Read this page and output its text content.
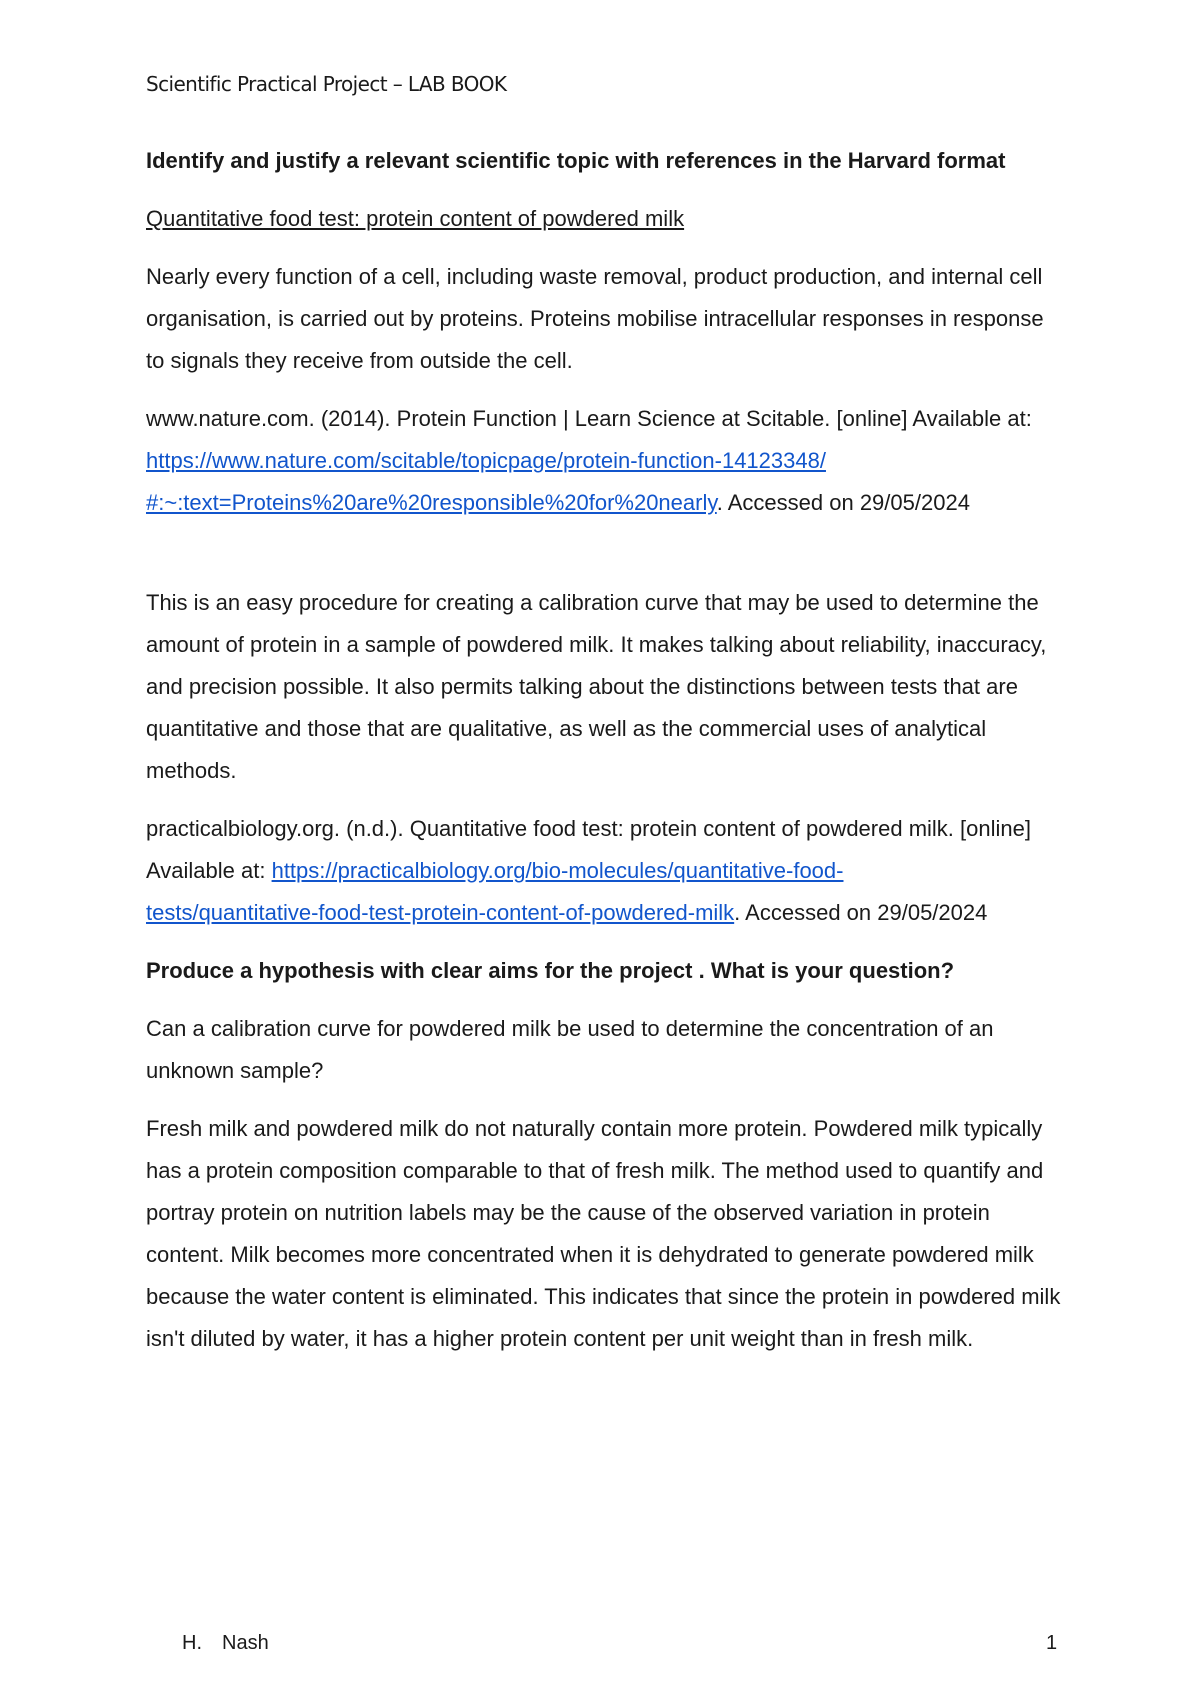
Scientific Practical Project – LAB BOOK

Identify and justify a relevant scientific topic with references in the Harvard format

Quantitative food test: protein content of powdered milk

Nearly every function of a cell, including waste removal, product production, and internal cell organisation, is carried out by proteins. Proteins mobilise intracellular responses in response to signals they receive from outside the cell.

www.nature.com. (2014). Protein Function | Learn Science at Scitable. [online] Available at: https://www.nature.com/scitable/topicpage/protein-function-14123348/
#:~:text=Proteins%20are%20responsible%20for%20nearly. Accessed on 29/05/2024

This is an easy procedure for creating a calibration curve that may be used to determine the amount of protein in a sample of powdered milk. It makes talking about reliability, inaccuracy, and precision possible. It also permits talking about the distinctions between tests that are quantitative and those that are qualitative, as well as the commercial uses of analytical methods.

practicalbiology.org. (n.d.). Quantitative food test: protein content of powdered milk. [online] Available at: https://practicalbiology.org/bio-molecules/quantitative-food-
tests/quantitative-food-test-protein-content-of-powdered-milk. Accessed on 29/05/2024

Produce a hypothesis with clear aims for the project . What is your question?

Can a calibration curve for powdered milk be used to determine the concentration of an unknown sample?

Fresh milk and powdered milk do not naturally contain more protein. Powdered milk typically has a protein composition comparable to that of fresh milk. The method used to quantify and portray protein on nutrition labels may be the cause of the observed variation in protein content. Milk becomes more concentrated when it is dehydrated to generate powdered milk because the water content is eliminated. This indicates that since the protein in powdered milk isn't diluted by water, it has a higher protein content per unit weight than in fresh milk.

H. Nash	1
